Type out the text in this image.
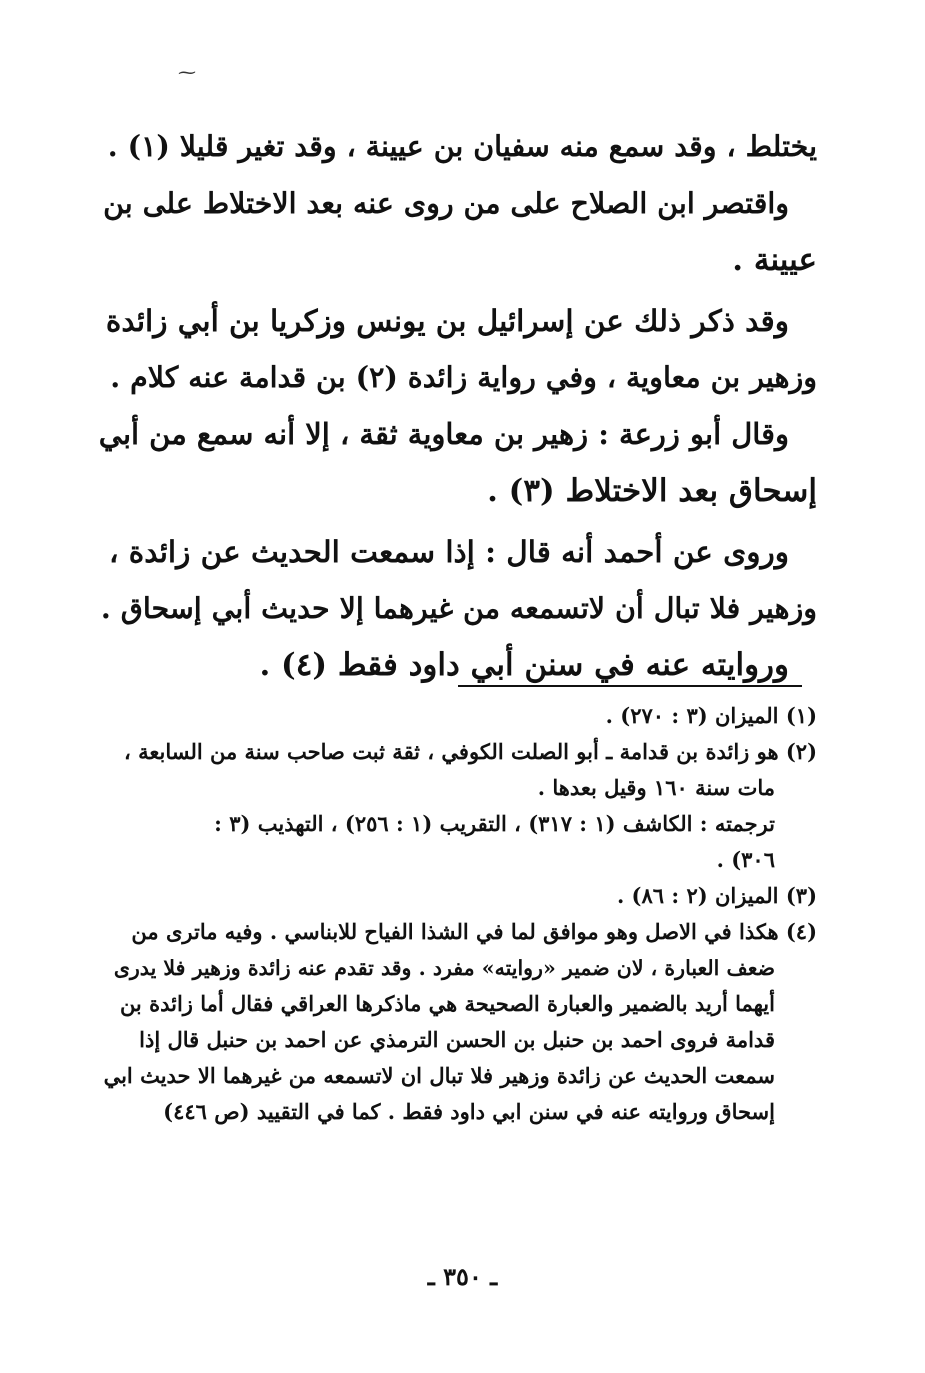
⁓
يختلط ، وقد سمع منه سفيان بن عيينة ، وقد تغير قليلا (١) .
واقتصر ابن الصلاح على من روى عنه بعد الاختلاط على بن
عيينة .
وقد ذكر ذلك عن إسرائيل بن يونس وزكريا بن أبي زائدة
وزهير بن معاوية ، وفي رواية زائدة (٢) بن قدامة عنه كلام .
وقال أبو زرعة : زهير بن معاوية ثقة ، إلا أنه سمع من أبي
إسحاق بعد الاختلاط (٣) .
وروى عن أحمد أنه قال : إذا سمعت الحديث عن زائدة ،
وزهير فلا تبال أن لاتسمعه من غيرهما إلا حديث أبي إسحاق .
وروايته عنه في سنن أبي داود فقط (٤) .
(١) الميزان (٣ : ٢٧٠) .
(٢) هو زائدة بن قدامة ـ أبو الصلت الكوفي ، ثقة ثبت صاحب سنة من السابعة ،
مات سنة ١٦٠ وقيل بعدها .
ترجمته : الكاشف (١ : ٣١٧) ، التقريب (١ : ٢٥٦) ، التهذيب (٣ :
٣٠٦) .
(٣) الميزان (٢ : ٨٦) .
(٤) هكذا في الاصل وهو موافق لما في الشذا الفياح للابناسي . وفيه ماترى من
ضعف العبارة ، لان ضمير «روايته» مفرد . وقد تقدم عنه زائدة وزهير فلا يدرى
أيهما أريد بالضمير والعبارة الصحيحة هي ماذكرها العراقي فقال أما زائدة بن
قدامة فروى احمد بن حنبل بن الحسن الترمذي عن احمد بن حنبل قال إذا
سمعت الحديث عن زائدة وزهير فلا تبال ان لاتسمعه من غيرهما الا حديث ابي
إسحاق وروايته عنه في سنن ابي داود فقط . كما في التقييد (ص ٤٤٦)
ـ ٣٥٠ ـ
